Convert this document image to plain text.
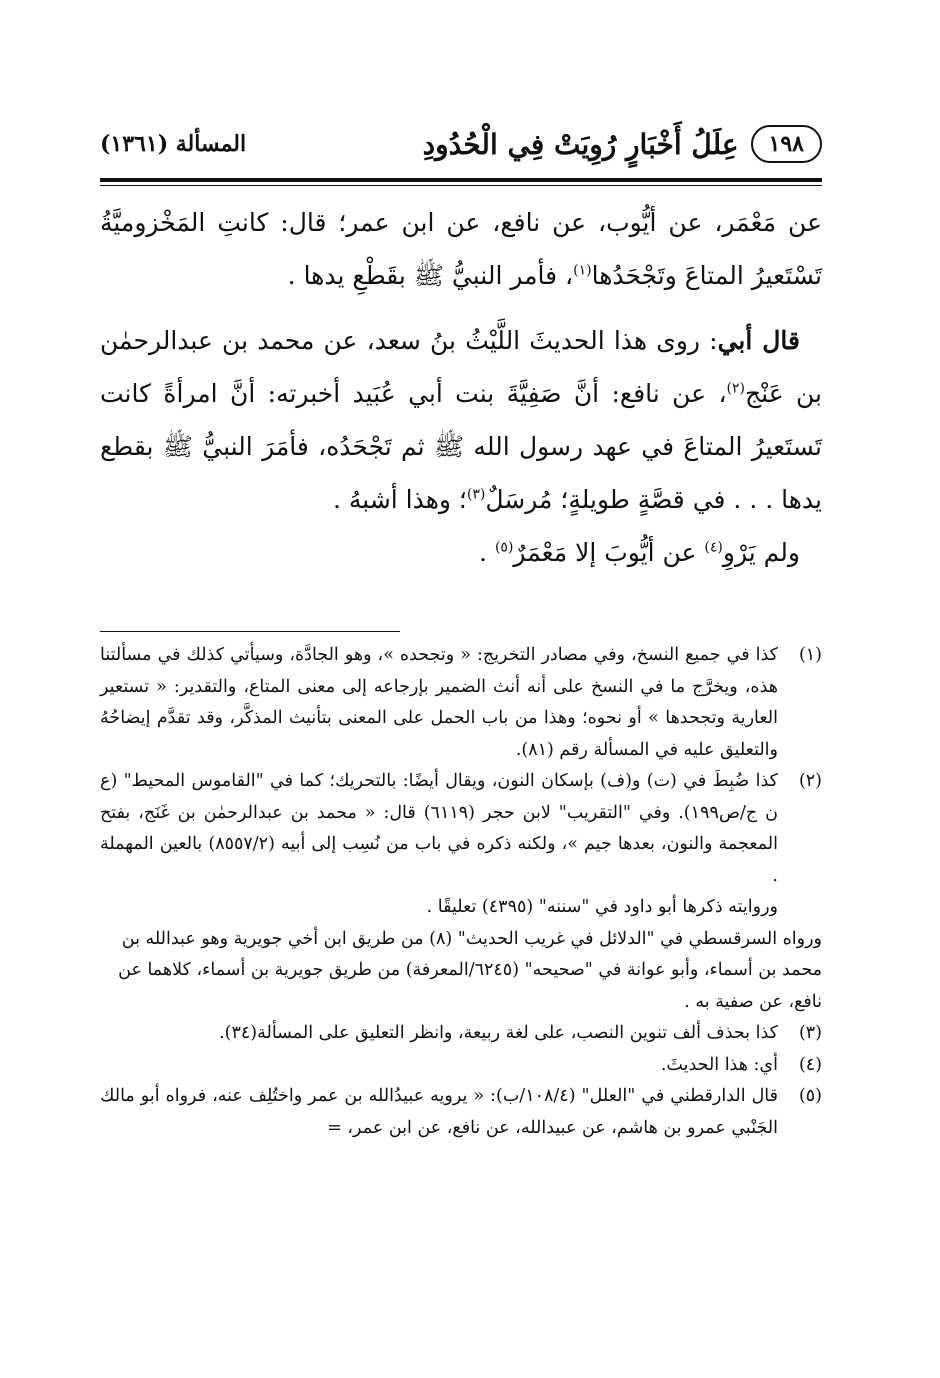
١٩٨
عِلَلُ أَخْبَارٍ رُوِيَتْ فِي الْحُدُودِ
المسألة (١٣٦١)

عن مَعْمَر، عن أيُّوب، عن نافع، عن ابن عمر؛ قال: كانتِ المَخْزوميَّةُ تَسْتَعيرُ المتاعَ وتَجْحَدُها$^{(١)}$، فأمر النبيُّ ﷺ بقَطْعِ يدها .

قال أبي: روى هذا الحديثَ اللَّيْثُ بنُ سعد، عن محمد بن عبدالرحمٰن بن عَنْج$^{(٢)}$، عن نافع: أنَّ صَفِيَّةَ بنت أبي عُبَيد أخبرته: أنَّ امرأةً كانت تَستَعيرُ المتاعَ في عهد رسول الله ﷺ ثم تَجْحَدُه، فأمَرَ النبيُّ ﷺ بقطع يدها . . . في قصَّةٍ طويلةٍ؛ مُرسَلٌ$^{(٣)}$؛ وهذا أشبهُ .

ولم يَرْوِ$^{(٤)}$ عن أيُّوبَ إلا مَعْمَرٌ$^{(٥)}$ .

(١)

كذا في جميع النسخ، وفي مصادر التخريج: « وتجحده »، وهو الجادَّة، وسيأتي كذلك في مسألتنا هذه، ويخرَّج ما في النسخ على أنه أنث الضمير بإرجاعه إلى معنى المتاع، والتقدير: « تستعير العارية وتجحدها » أو نحوه؛ وهذا من باب الحمل على المعنى بتأنيث المذكَّر، وقد تقدَّم إيضاحُهُ والتعليق عليه في المسألة رقم (٨١).

(٢)

كذا ضُبِطَ في (ت) و(ف) بإسكان النون، ويقال أيضًا: بالتحريك؛ كما في "القاموس المحيط" (ع ن ج/ص١٩٩). وفي "التقريب" لابن حجر (٦١١٩) قال: « محمد بن عبدالرحمٰن بن غَنَج، بفتح المعجمة والنون، بعدها جيم »، ولكنه ذكره في باب من نُسِب إلى أبيه (٨٥٥٧/٢) بالعين المهملة .

وروايته ذكرها أبو داود في "سننه" (٤٣٩٥) تعليقًا .

ورواه السرقسطي في "الدلائل في غريب الحديث" (٨) من طريق ابن أخي جويرية وهو عبدالله بن محمد بن أسماء، وأبو عوانة في "صحيحه" (٦٢٤٥/المعرفة) من طريق جويرية بن أسماء، كلاهما عن نافع، عن صفية به .

(٣)

كذا بحذف ألف تنوين النصب، على لغة ربيعة، وانظر التعليق على المسألة(٣٤).

(٤)

أي: هذا الحديثَ.

(٥)

قال الدارقطني في "العلل" (١٠٨/٤/ب): « يرويه عبيدُالله بن عمر واختُلِف عنه، فرواه أبو مالك الجَنْبي عمرو بن هاشم، عن عبيدالله، عن نافع، عن ابن عمر، =
